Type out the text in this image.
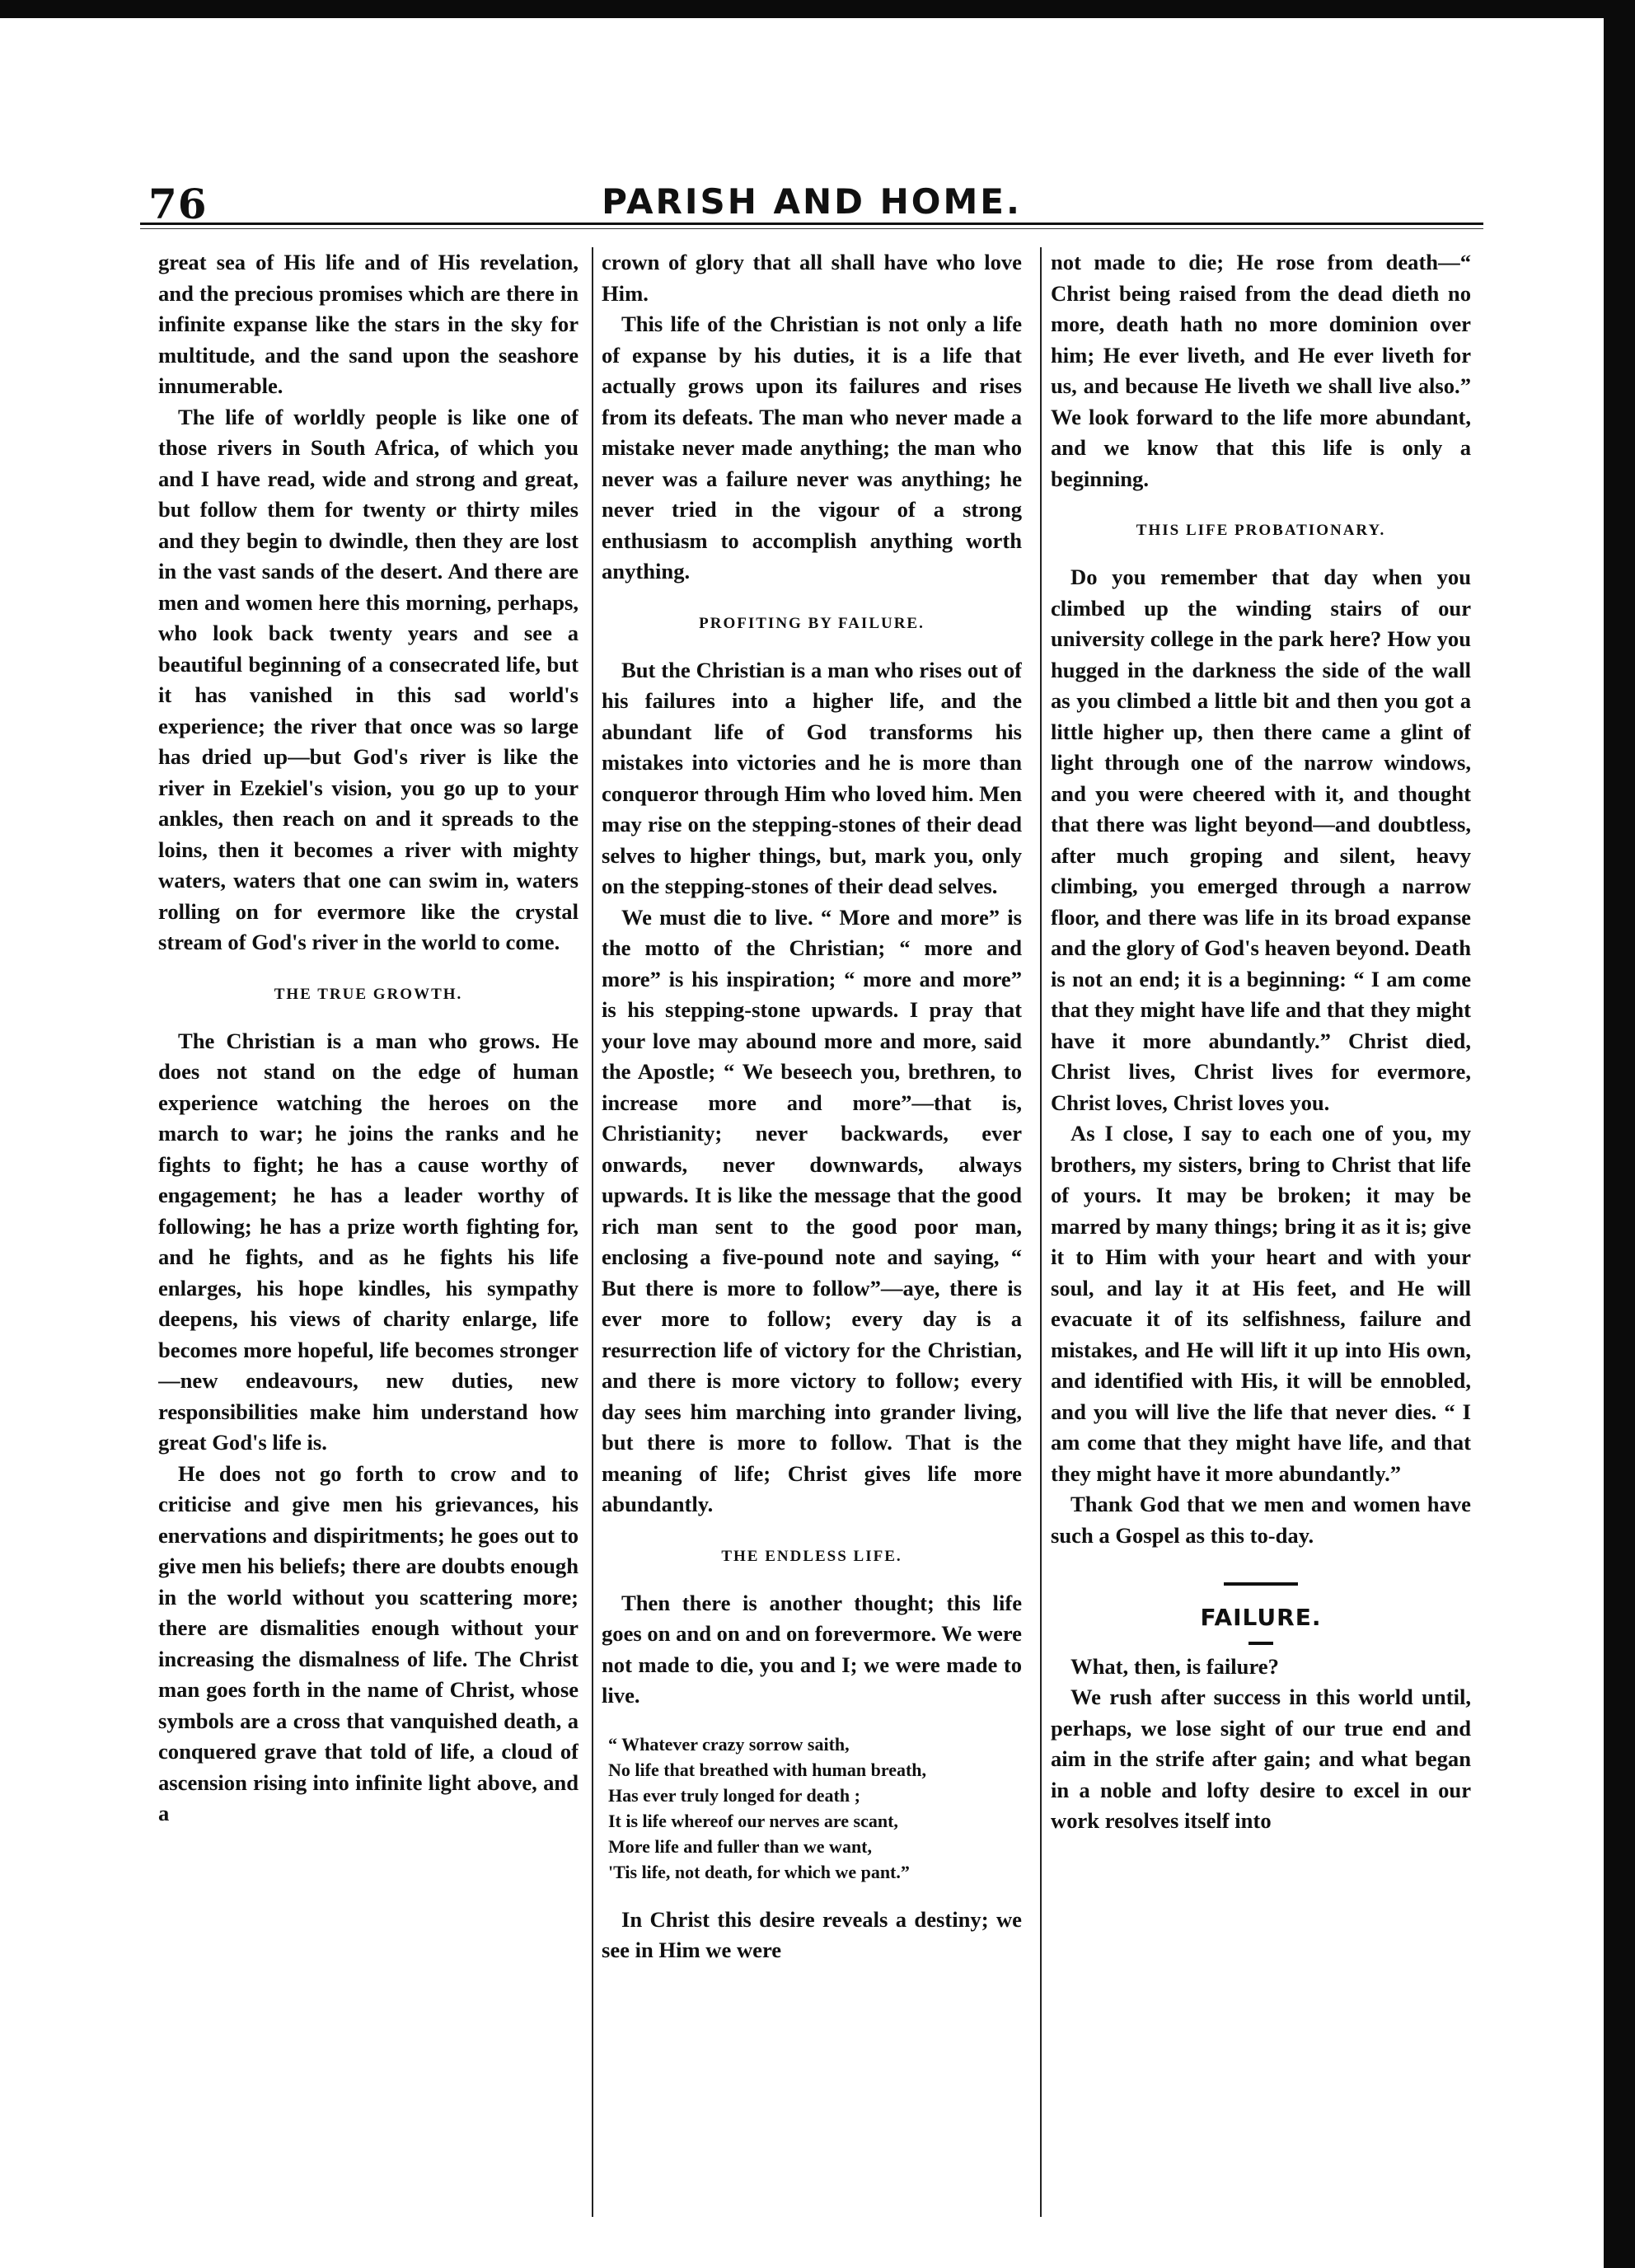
76	PARISH AND HOME.

great sea of His life and of His revelation, and the precious promises which are there in infinite expanse like the stars in the sky for multitude, and the sand upon the seashore innumerable.

The life of worldly people is like one of those rivers in South Africa, of which you and I have read, wide and strong and great, but follow them for twenty or thirty miles and they begin to dwindle, then they are lost in the vast sands of the desert. And there are men and women here this morning, perhaps, who look back twenty years and see a beautiful beginning of a consecrated life, but it has vanished in this sad world's experience; the river that once was so large has dried up—but God's river is like the river in Ezekiel's vision, you go up to your ankles, then reach on and it spreads to the loins, then it becomes a river with mighty waters, waters that one can swim in, waters rolling on for evermore like the crystal stream of God's river in the world to come.

THE TRUE GROWTH.

The Christian is a man who grows. He does not stand on the edge of human experience watching the heroes on the march to war; he joins the ranks and he fights to fight; he has a cause worthy of engagement; he has a leader worthy of following; he has a prize worth fighting for, and he fights, and as he fights his life enlarges, his hope kindles, his sympathy deepens, his views of charity enlarge, life becomes more hopeful, life becomes stronger—new endeavours, new duties, new responsibilities make him understand how great God's life is.

He does not go forth to crow and to criticise and give men his grievances, his enervations and dispiritments; he goes out to give men his beliefs; there are doubts enough in the world without you scattering more; there are dismalities enough without your increasing the dismalness of life. The Christ man goes forth in the name of Christ, whose symbols are a cross that vanquished death, a conquered grave that told of life, a cloud of ascension rising into infinite light above, and a

crown of glory that all shall have who love Him.

This life of the Christian is not only a life of expanse by his duties, it is a life that actually grows upon its failures and rises from its defeats. The man who never made a mistake never made anything; the man who never was a failure never was anything; he never tried in the vigour of a strong enthusiasm to accomplish anything worth anything.

PROFITING BY FAILURE.

But the Christian is a man who rises out of his failures into a higher life, and the abundant life of God transforms his mistakes into victories and he is more than conqueror through Him who loved him. Men may rise on the stepping-stones of their dead selves to higher things, but, mark you, only on the stepping-stones of their dead selves.

We must die to live. “ More and more” is the motto of the Christian; “ more and more” is his inspiration; “ more and more” is his stepping-stone upwards. I pray that your love may abound more and more, said the Apostle; “ We beseech you, brethren, to increase more and more”—that is, Christianity; never backwards, ever onwards, never downwards, always upwards. It is like the message that the good rich man sent to the good poor man, enclosing a five-pound note and saying, “ But there is more to follow”—aye, there is ever more to follow; every day is a resurrection life of victory for the Christian, and there is more victory to follow; every day sees him marching into grander living, but there is more to follow. That is the meaning of life; Christ gives life more abundantly.

THE ENDLESS LIFE.

Then there is another thought; this life goes on and on and on forevermore. We were not made to die, you and I; we were made to live.

“ Whatever crazy sorrow saith,
No life that breathed with human breath,
Has ever truly longed for death ;
It is life whereof our nerves are scant,
More life and fuller than we want,
'Tis life, not death, for which we pant.”

In Christ this desire reveals a destiny; we see in Him we were

not made to die; He rose from death—“ Christ being raised from the dead dieth no more, death hath no more dominion over him; He ever liveth, and He ever liveth for us, and because He liveth we shall live also.” We look forward to the life more abundant, and we know that this life is only a beginning.

THIS LIFE PROBATIONARY.

Do you remember that day when you climbed up the winding stairs of our university college in the park here? How you hugged in the darkness the side of the wall as you climbed a little bit and then you got a little higher up, then there came a glint of light through one of the narrow windows, and you were cheered with it, and thought that there was light beyond—and doubtless, after much groping and silent, heavy climbing, you emerged through a narrow floor, and there was life in its broad expanse and the glory of God's heaven beyond. Death is not an end; it is a beginning: “ I am come that they might have life and that they might have it more abundantly.” Christ died, Christ lives, Christ lives for evermore, Christ loves, Christ loves you.

As I close, I say to each one of you, my brothers, my sisters, bring to Christ that life of yours. It may be broken; it may be marred by many things; bring it as it is; give it to Him with your heart and with your soul, and lay it at His feet, and He will evacuate it of its selfishness, failure and mistakes, and He will lift it up into His own, and identified with His, it will be ennobled, and you will live the life that never dies. “ I am come that they might have life, and that they might have it more abundantly.”

Thank God that we men and women have such a Gospel as this to-day.

FAILURE.

What, then, is failure?

We rush after success in this world until, perhaps, we lose sight of our true end and aim in the strife after gain; and what began in a noble and lofty desire to excel in our work resolves itself into
